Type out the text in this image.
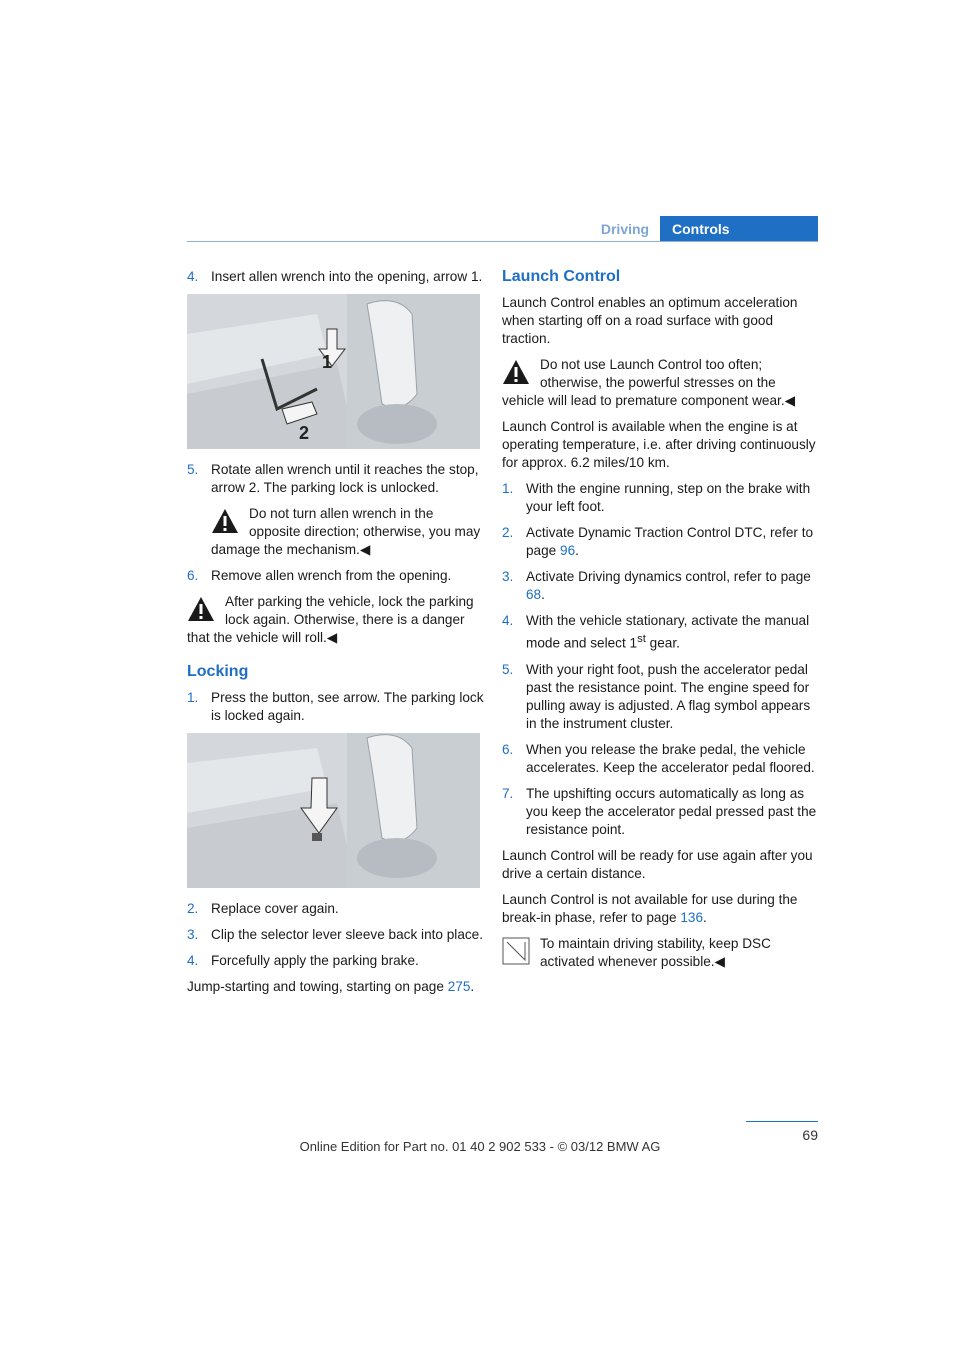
Driving	Controls
4. Insert allen wrench into the opening, arrow 1.
1
2
5. Rotate allen wrench until it reaches the stop, arrow 2. The parking lock is unlocked.
Do not turn allen wrench in the opposite direction; otherwise, you may damage the mechanism.◀
6. Remove allen wrench from the opening.
After parking the vehicle, lock the parking lock again. Otherwise, there is a danger that the vehicle will roll.◀
Locking
1. Press the button, see arrow. The parking lock is locked again.
2. Replace cover again.
3. Clip the selector lever sleeve back into place.
4. Forcefully apply the parking brake.
Jump-starting and towing, starting on page 275.
Launch Control
Launch Control enables an optimum acceleration when starting off on a road surface with good traction.
Do not use Launch Control too often; otherwise, the powerful stresses on the vehicle will lead to premature component wear.◀
Launch Control is available when the engine is at operating temperature, i.e. after driving continuously for approx. 6.2 miles/10 km.
1. With the engine running, step on the brake with your left foot.
2. Activate Dynamic Traction Control DTC, refer to page 96.
3. Activate Driving dynamics control, refer to page 68.
4. With the vehicle stationary, activate the manual mode and select 1st gear.
5. With your right foot, push the accelerator pedal past the resistance point. The engine speed for pulling away is adjusted. A flag symbol appears in the instrument cluster.
6. When you release the brake pedal, the vehicle accelerates. Keep the accelerator pedal floored.
7. The upshifting occurs automatically as long as you keep the accelerator pedal pressed past the resistance point.
Launch Control will be ready for use again after you drive a certain distance.
Launch Control is not available for use during the break-in phase, refer to page 136.
To maintain driving stability, keep DSC activated whenever possible.◀
69
Online Edition for Part no. 01 40 2 902 533 - © 03/12 BMW AG
